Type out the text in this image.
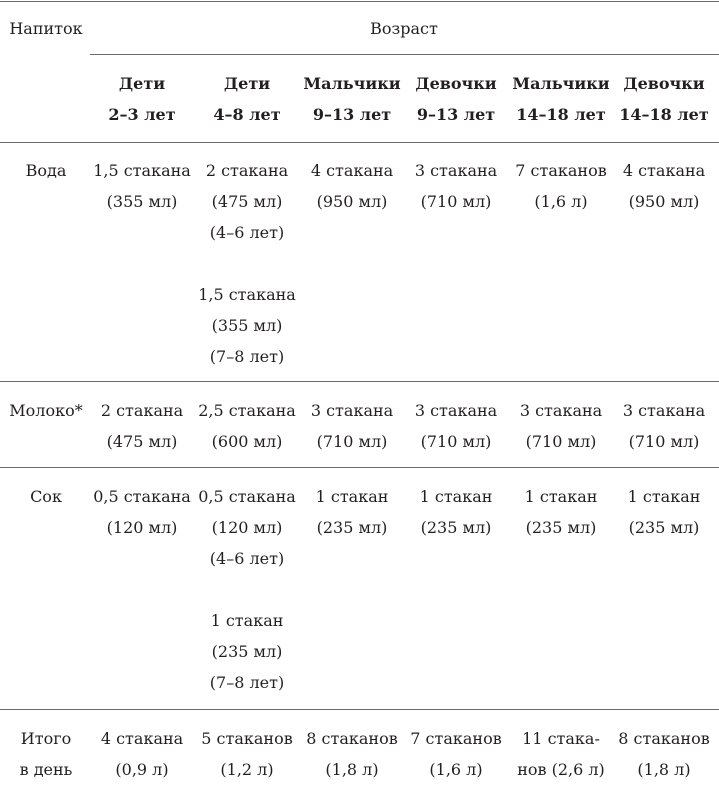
Напиток	Возраст
Дети
2–3 лет
Дети
4–8 лет
Мальчики
9–13 лет
Девочки
9–13 лет
Мальчики
14–18 лет
Девочки
14–18 лет
Вода 1,5 стакана
(355 мл)
2 стакана
(475 мл)
(4–6 лет)
1,5 стакана
(355 мл)
(7–8 лет)
4 стакана
(950 мл)
3 стакана
(710 мл)
7 стаканов
(1,6 л)
4 стакана
(950 мл)
Молоко* 2 стакана
(475 мл)
2,5 стакана
(600 мл)
3 стакана
(710 мл)
3 стакана
(710 мл)
3 стакана
(710 мл)
3 стакана
(710 мл)
Сок 0,5 стакана
(120 мл)
0,5 стакана
(120 мл)
(4–6 лет)
1 стакан
(235 мл)
(7–8 лет)
1 стакан
(235 мл)
1 стакан
(235 мл)
1 стакан
(235 мл)
1 стакан
(235 мл)
Итого
в день
4 стакана
(0,9 л)
5 стаканов
(1,2 л)
8 стаканов
(1,8 л)
7 стаканов
(1,6 л)
11 стака-
нов (2,6 л)
8 стаканов
(1,8 л)
